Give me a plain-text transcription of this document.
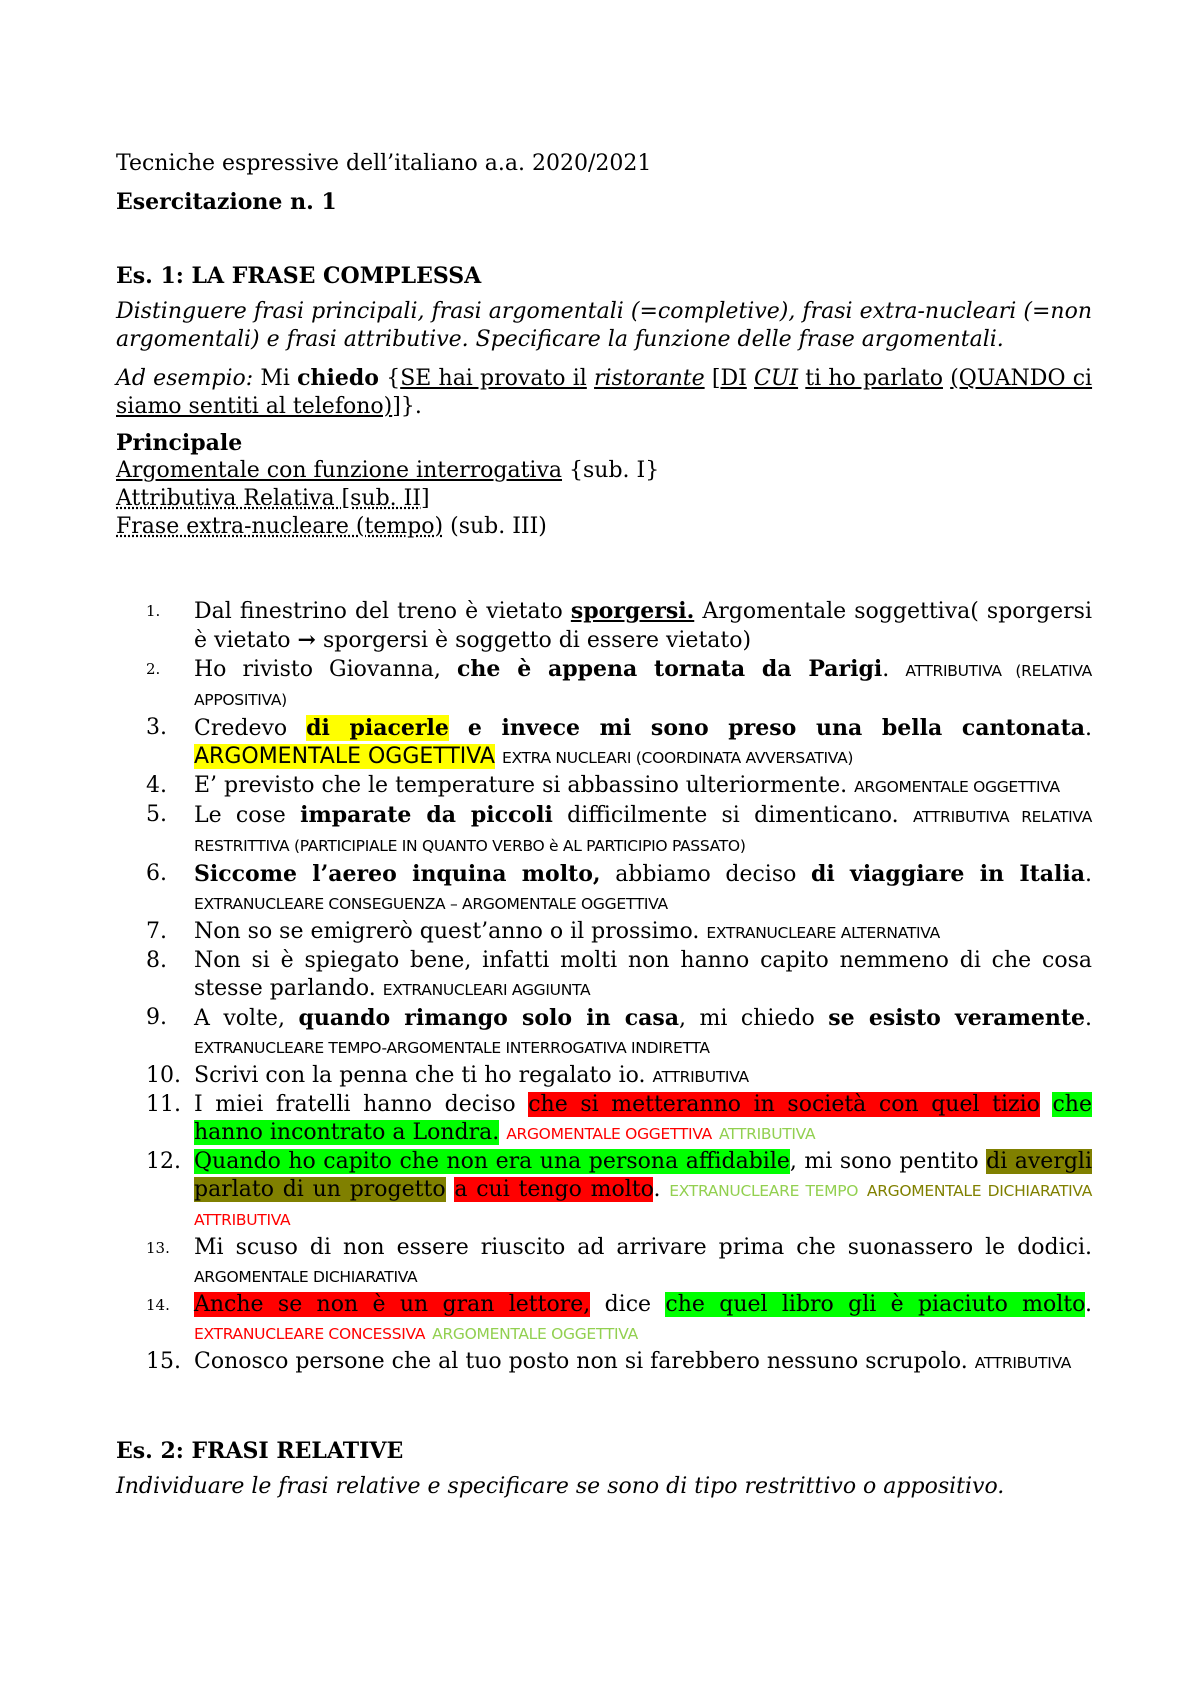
Tecniche espressive dell’italiano a.a. 2020/2021
Esercitazione n. 1
Es. 1: LA FRASE COMPLESSA
Distinguere frasi principali, frasi argomentali (=completive), frasi extra-nucleari (=non argomentali) e frasi attributive. Specificare la funzione delle frase argomentali.
Ad esempio: Mi chiedo {SE hai provato il ristorante [DI CUI ti ho parlato (QUANDO ci siamo sentiti al telefono)]}.
Principale
Argomentale con funzione interrogativa {sub. I}
Attributiva Relativa [sub. II]
Frase extra-nucleare (tempo) (sub. III)
1. Dal finestrino del treno è vietato sporgersi. Argomentale soggettiva( sporgersi è vietato → sporgersi è soggetto di essere vietato)
2. Ho rivisto Giovanna, che è appena tornata da Parigi. ATTRIBUTIVA (RELATIVA APPOSITIVA)
3. Credevo di piacerle e invece mi sono preso una bella cantonata. ARGOMENTALE OGGETTIVA EXTRA NUCLEARI (COORDINATA AVVERSATIVA)
4. E’ previsto che le temperature si abbassino ulteriormente. ARGOMENTALE OGGETTIVA
5. Le cose imparate da piccoli difficilmente si dimenticano. ATTRIBUTIVA RELATIVA RESTRITTIVA (PARTICIPIALE IN QUANTO VERBO è AL PARTICIPIO PASSATO)
6. Siccome l’aereo inquina molto, abbiamo deciso di viaggiare in Italia. EXTRANUCLEARE CONSEGUENZA – ARGOMENTALE OGGETTIVA
7. Non so se emigrerò quest’anno o il prossimo. EXTRANUCLEARE ALTERNATIVA
8. Non si è spiegato bene, infatti molti non hanno capito nemmeno di che cosa stesse parlando. EXTRANUCLEARI AGGIUNTA
9. A volte, quando rimango solo in casa, mi chiedo se esisto veramente. EXTRANUCLEARE TEMPO-ARGOMENTALE INTERROGATIVA INDIRETTA
10. Scrivi con la penna che ti ho regalato io. ATTRIBUTIVA
11. I miei fratelli hanno deciso che si metteranno in società con quel tizio che hanno incontrato a Londra. ARGOMENTALE OGGETTIVA ATTRIBUTIVA
12. Quando ho capito che non era una persona affidabile, mi sono pentito di avergli parlato di un progetto a cui tengo molto. EXTRANUCLEARE TEMPO ARGOMENTALE DICHIARATIVA ATTRIBUTIVA
13. Mi scuso di non essere riuscito ad arrivare prima che suonassero le dodici. ARGOMENTALE DICHIARATIVA
14. Anche se non è un gran lettore, dice che quel libro gli è piaciuto molto. EXTRANUCLEARE CONCESSIVA ARGOMENTALE OGGETTIVA
15. Conosco persone che al tuo posto non si farebbero nessuno scrupolo. ATTRIBUTIVA
Es. 2: FRASI RELATIVE
Individuare le frasi relative e specificare se sono di tipo restrittivo o appositivo.
